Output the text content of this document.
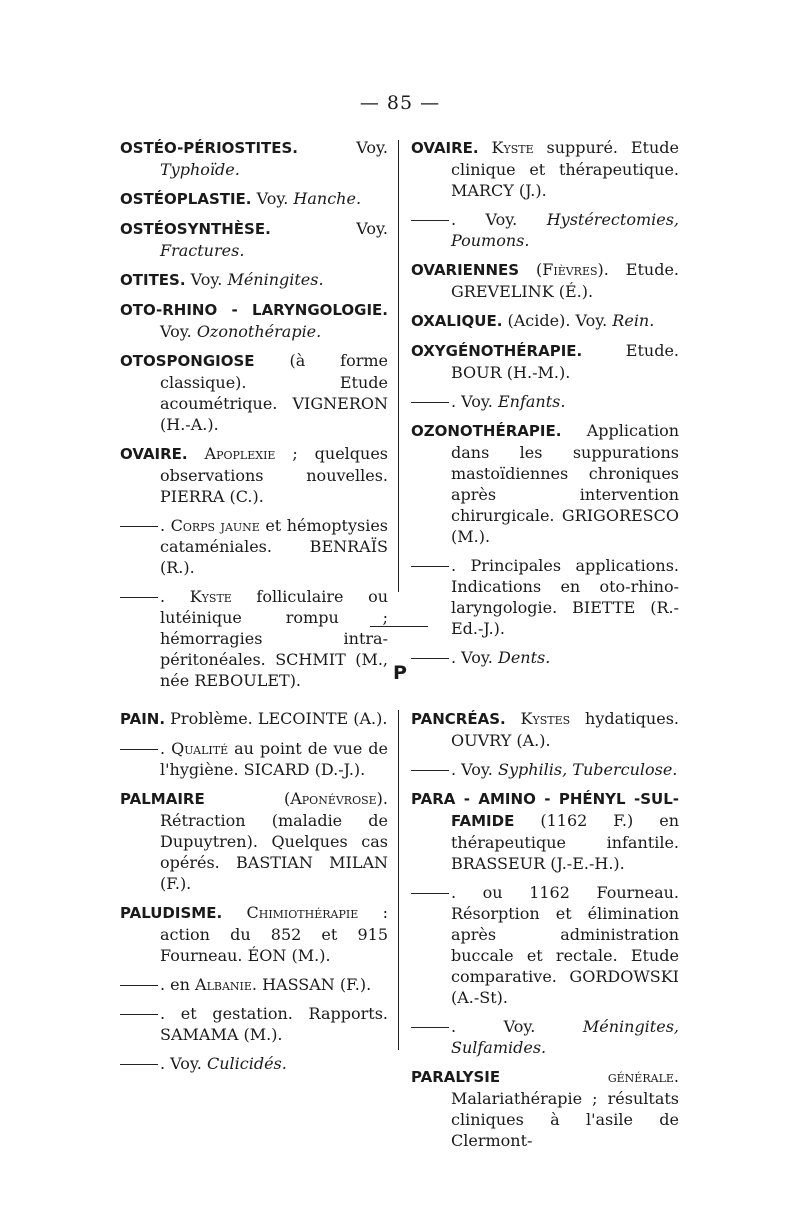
— 85 —
OSTÉO-PÉRIOSTITES. Voy. Typhoïde.
OSTÉOPLASTIE. Voy. Hanche.
OSTÉOSYNTHÈSE. Voy. Fractures.
OTITES. Voy. Méningites.
OTO-RHINO - LARYNGOLOGIE. Voy. Ozonothérapie.
OTOSPONGIOSE (à forme classique). Etude acoumétrique. VIGNERON (H.-A.).
OVAIRE. Apoplexie ; quelques observations nouvelles. PIERRA (C.).
. Corps jaune et hémoptysies cataméniales. BENRAÏS (R.).
. Kyste folliculaire ou lutéinique rompu ; hémorragies intra-péritonéales. SCHMIT (M., née REBOULET).
OVAIRE. Kyste suppuré. Etude clinique et thérapeutique. MARCY (J.).
. Voy. Hystérectomies, Poumons.
OVARIENNES (Fièvres). Etude. GREVELINK (É.).
OXALIQUE. (Acide). Voy. Rein.
OXYGÉNOTHÉRAPIE. Etude. BOUR (H.-M.).
. Voy. Enfants.
OZONOTHÉRAPIE. Application dans les suppurations mastoïdiennes chroniques après intervention chirurgicale. GRIGORESCO (M.).
. Principales applications. Indications en oto-rhino-laryngologie. BIETTE (R.-Ed.-J.).
. Voy. Dents.
P
PAIN. Problème. LECOINTE (A.).
. Qualité au point de vue de l'hygiène. SICARD (D.-J.).
PALMAIRE (Aponévrose). Rétraction (maladie de Dupuytren). Quelques cas opérés. BASTIAN MILAN (F.).
PALUDISME. Chimiothérapie : action du 852 et 915 Fourneau. ÉON (M.).
. en Albanie. HASSAN (F.).
. et gestation. Rapports. SAMAMA (M.).
. Voy. Culicidés.
PANCRÉAS. Kystes hydatiques. OUVRY (A.).
. Voy. Syphilis, Tuberculose.
PARA - AMINO - PHÉNYL -SUL-FAMIDE (1162 F.) en thérapeutique infantile. BRASSEUR (J.-E.-H.).
. ou 1162 Fourneau. Résorption et élimination après administration buccale et rectale. Etude comparative. GORDOWSKI (A.-St).
. Voy. Méningites, Sulfamides.
PARALYSIE générale. Malariathérapie ; résultats cliniques à l'asile de Clermont-
